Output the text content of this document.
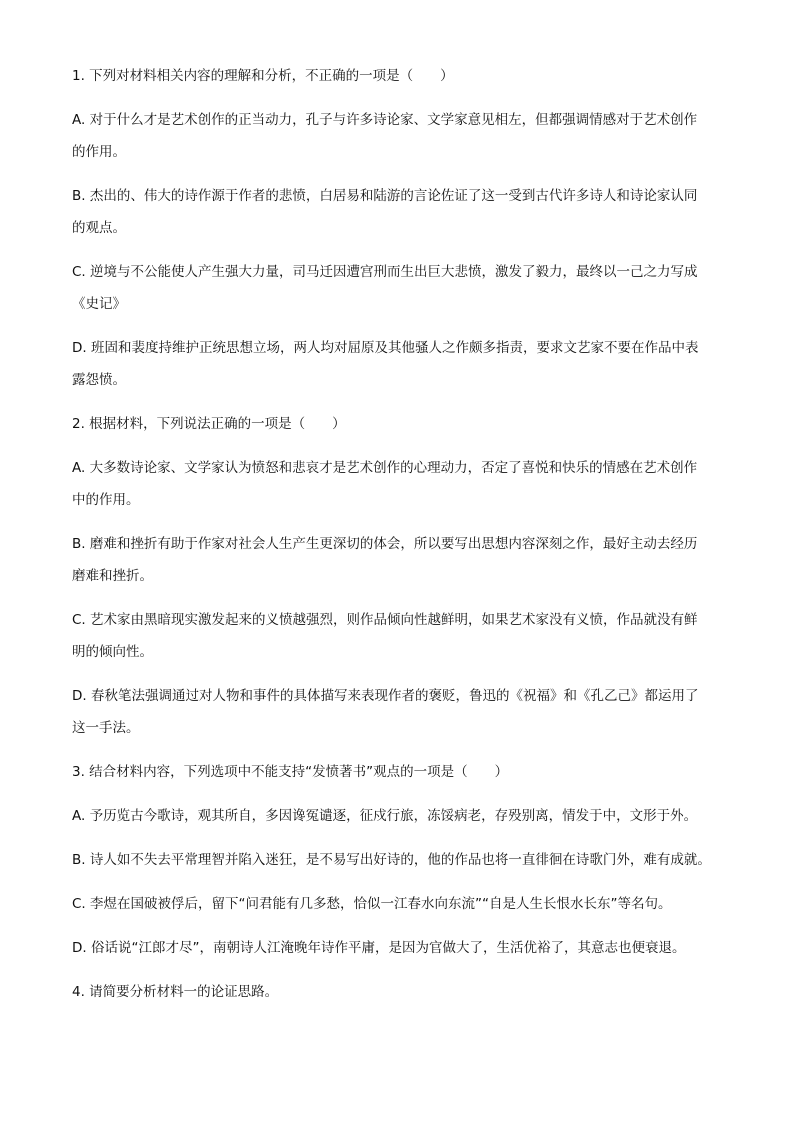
1. 下列对材料相关内容的理解和分析，不正确的一项是（　　）
A. 对于什么才是艺术创作的正当动力，孔子与许多诗论家、文学家意见相左，但都强调情感对于艺术创作
的作用。
B. 杰出的、伟大的诗作源于作者的悲愤，白居易和陆游的言论佐证了这一受到古代许多诗人和诗论家认同
的观点。
C. 逆境与不公能使人产生强大力量，司马迁因遭宫刑而生出巨大悲愤，激发了毅力，最终以一己之力写成
《史记》
D. 班固和裴度持维护正统思想立场，两人均对屈原及其他骚人之作颇多指责，要求文艺家不要在作品中表
露怨愤。
2. 根据材料，下列说法正确的一项是（　　）
A. 大多数诗论家、文学家认为愤怒和悲哀才是艺术创作的心理动力，否定了喜悦和快乐的情感在艺术创作
中的作用。
B. 磨难和挫折有助于作家对社会人生产生更深切的体会，所以要写出思想内容深刻之作，最好主动去经历
磨难和挫折。
C. 艺术家由黑暗现实激发起来的义愤越强烈，则作品倾向性越鲜明，如果艺术家没有义愤，作品就没有鲜
明的倾向性。
D. 春秋笔法强调通过对人物和事件的具体描写来表现作者的褒贬，鲁迅的《祝福》和《孔乙己》都运用了
这一手法。
3. 结合材料内容，下列选项中不能支持“发愤著书”观点的一项是（　　）
A. 予历览古今歌诗，观其所自，多因谗冤谴逐，征戍行旅，冻馁病老，存殁别离，情发于中，文形于外。
B. 诗人如不失去平常理智并陷入迷狂，是不易写出好诗的，他的作品也将一直徘徊在诗歌门外，难有成就。
C. 李煜在国破被俘后，留下“问君能有几多愁，恰似一江春水向东流”“自是人生长恨水长东”等名句。
D. 俗话说“江郎才尽”，南朝诗人江淹晚年诗作平庸，是因为官做大了，生活优裕了，其意志也便衰退。
4. 请简要分析材料一的论证思路。
